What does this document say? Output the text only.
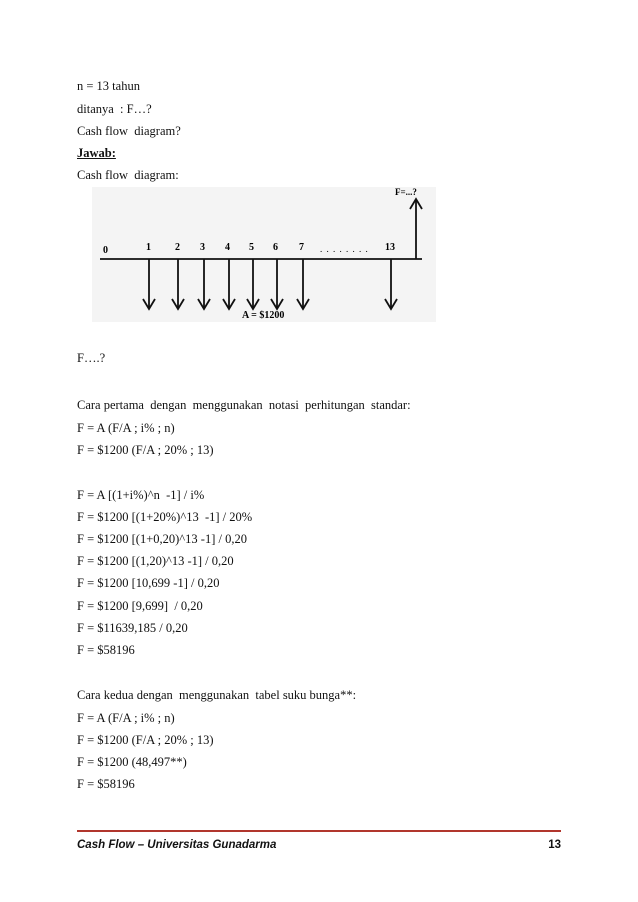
n = 13 tahun
ditanya  : F…?
Cash flow  diagram?
Jawab:
Cash flow  diagram:
0	1 2 3 4 5 6 7 . . . . . . . . 13
A = $1200
F=...?
F….?
Cara pertama  dengan  menggunakan  notasi  perhitungan  standar:
F = A (F/A ; i% ; n)
F = $1200 (F/A ; 20% ; 13)
F = A [(1+i%)^n  -1] / i%
F = $1200 [(1+20%)^13  -1] / 20%
F = $1200 [(1+0,20)^13 -1] / 0,20
F = $1200 [(1,20)^13 -1] / 0,20
F = $1200 [10,699 -1] / 0,20
F = $1200 [9,699]  / 0,20
F = $11639,185 / 0,20
F = $58196
Cara kedua dengan  menggunakan  tabel suku bunga**:
F = A (F/A ; i% ; n)
F = $1200 (F/A ; 20% ; 13)
F = $1200 (48,497**)
F = $58196
Cash Flow – Universitas Gunadarma	13
